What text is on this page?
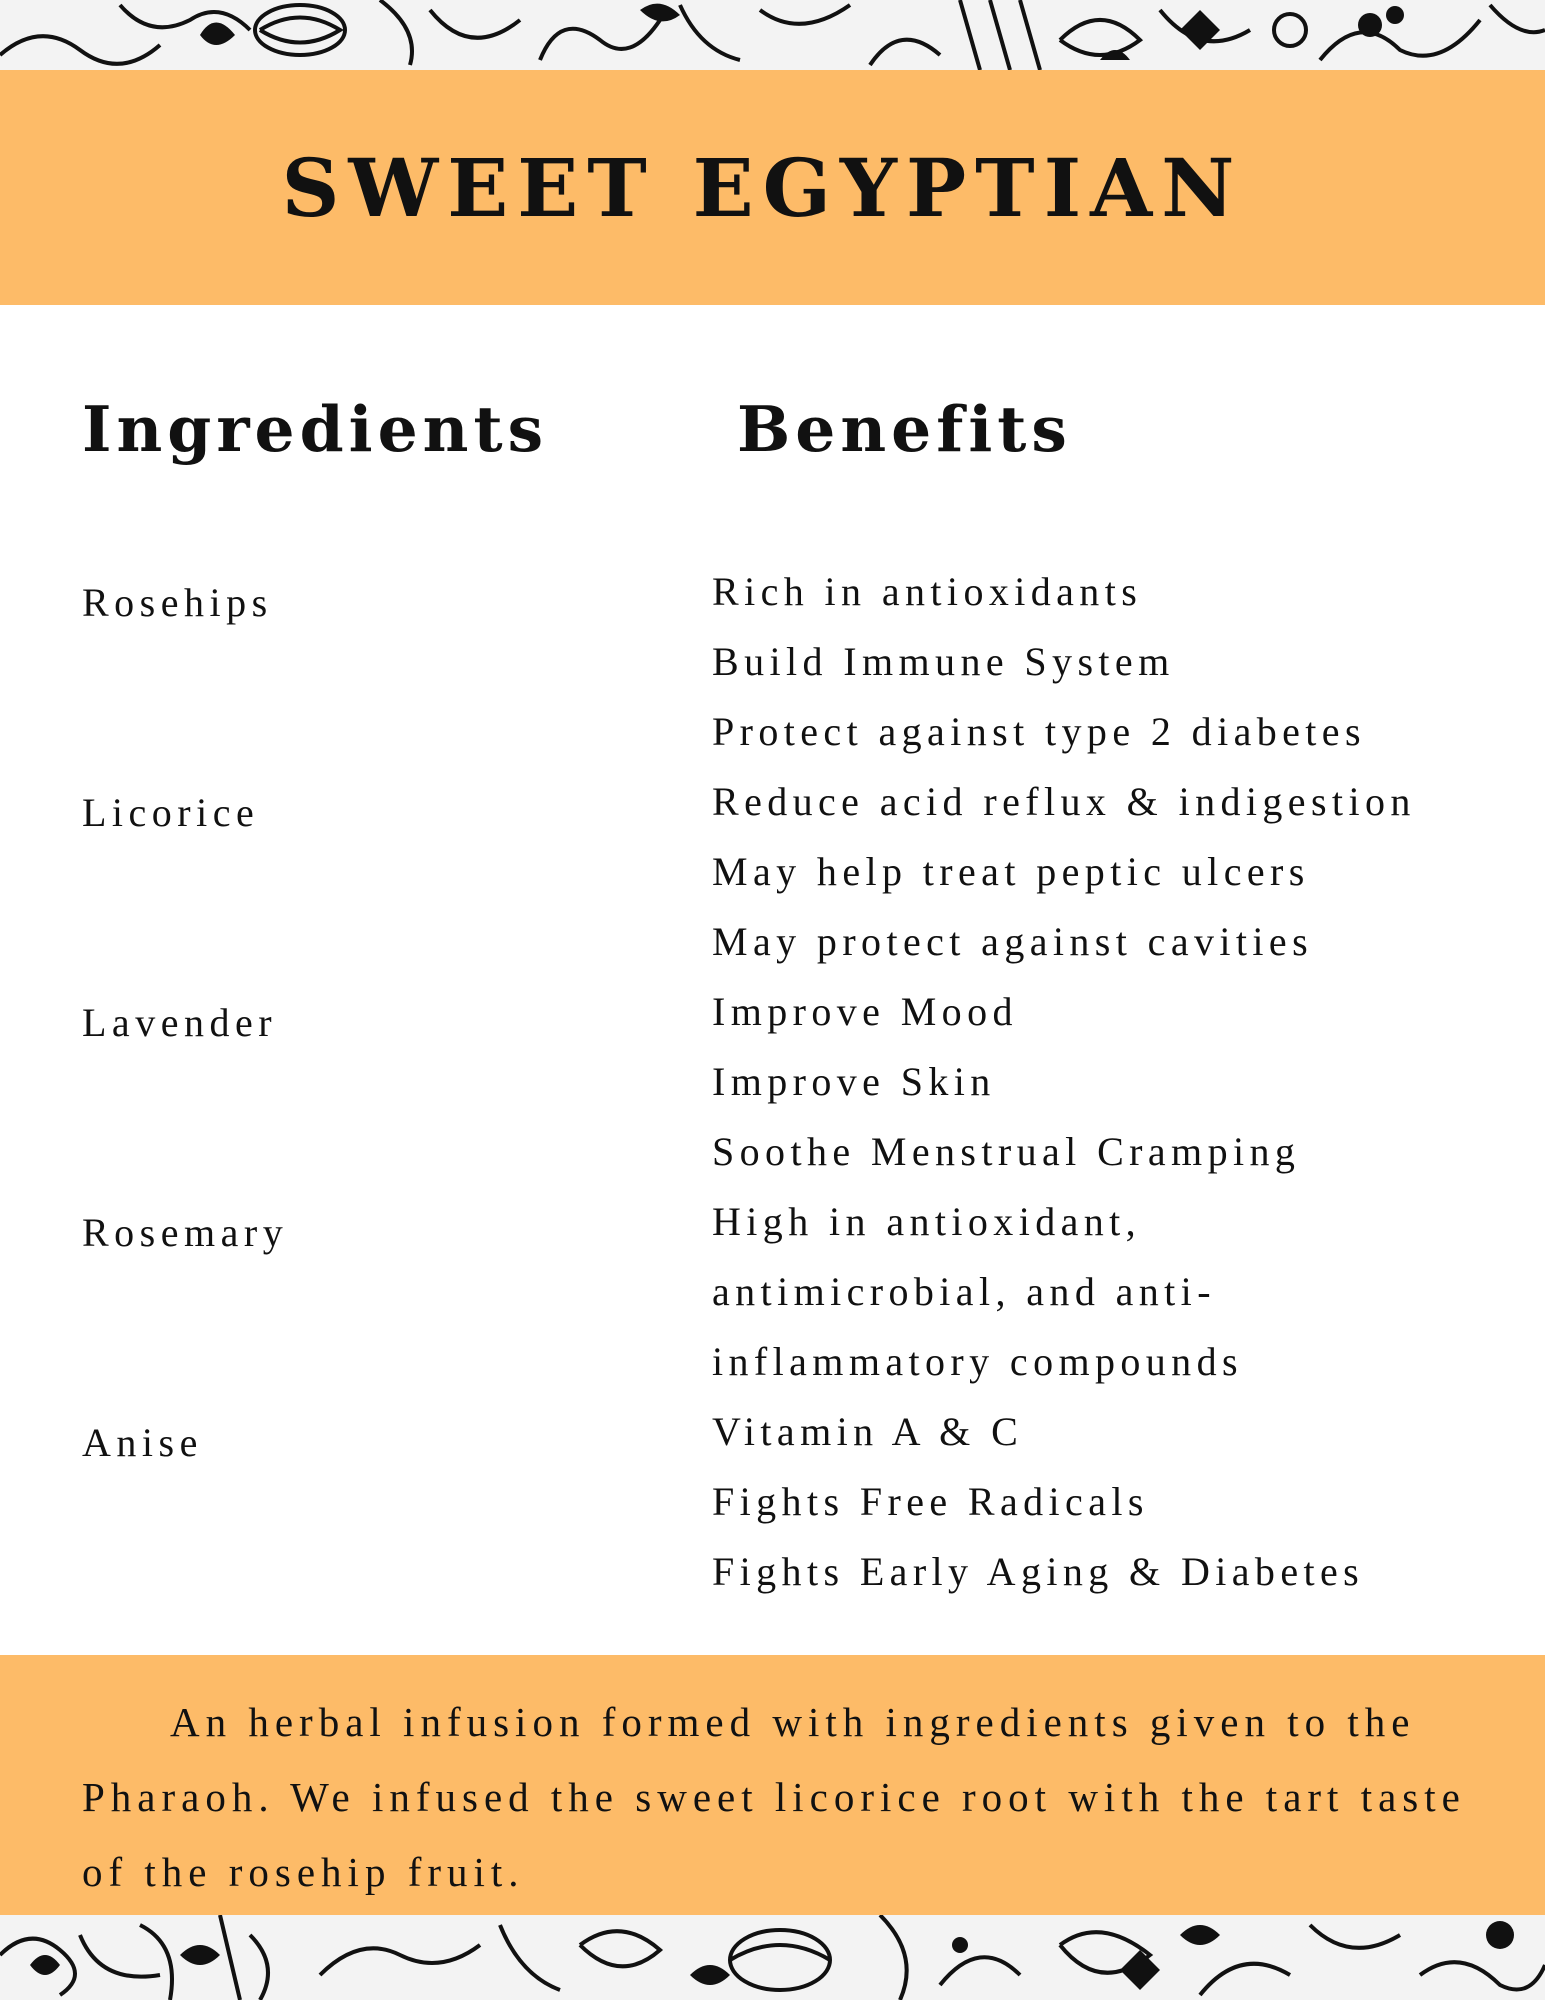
SWEET EGYPTIAN
Ingredients	Benefits
Rosehips
Licorice
Lavender
Rosemary
Anise
Rich in antioxidants
Build Immune System
Protect against type 2 diabetes
Reduce acid reflux & indigestion
May help treat peptic ulcers
May protect against cavities
Improve Mood
Improve Skin
Soothe Menstrual Cramping
High in antioxidant,
antimicrobial, and anti-
inflammatory compounds
Vitamin A & C
Fights Free Radicals
Fights Early Aging & Diabetes

An herbal infusion formed with ingredients given to the Pharaoh. We infused the sweet licorice root with the tart taste of the rosehip fruit.
